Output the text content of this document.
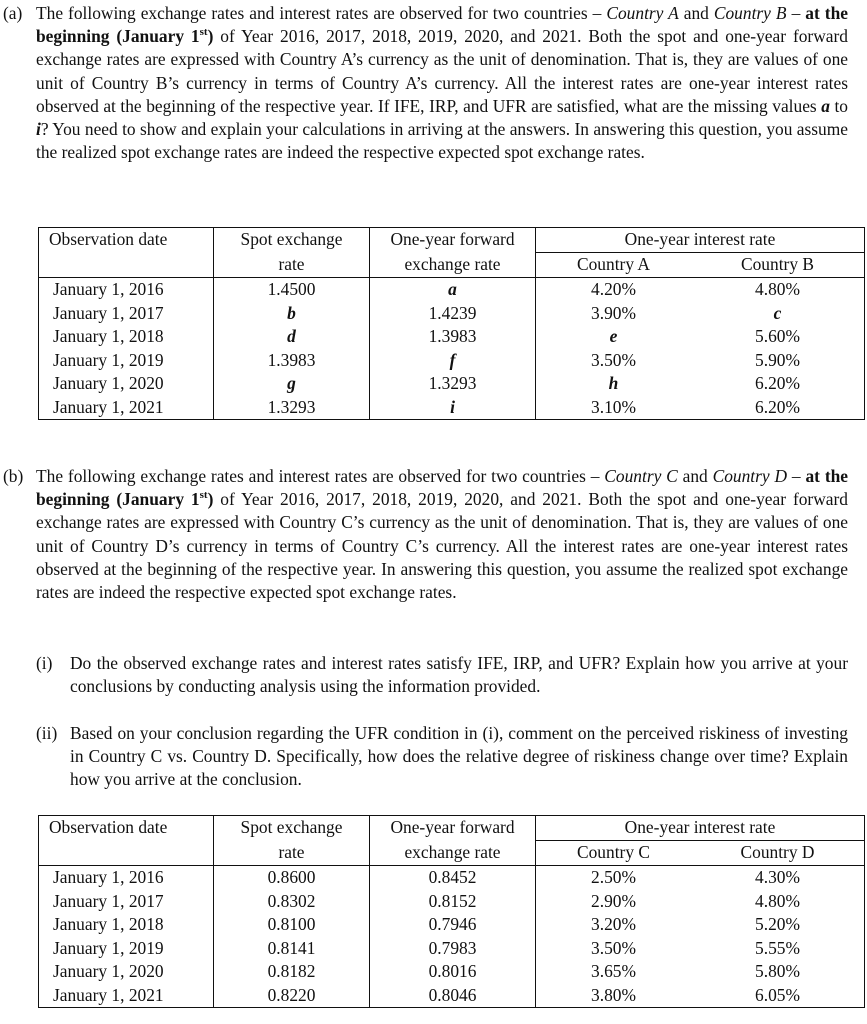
(a) The following exchange rates and interest rates are observed for two countries – Country A and Country B – at the beginning (January 1st) of Year 2016, 2017, 2018, 2019, 2020, and 2021. Both the spot and one-year forward exchange rates are expressed with Country A’s currency as the unit of denomination. That is, they are values of one unit of Country B’s currency in terms of Country A’s currency. All the interest rates are one-year interest rates observed at the beginning of the respective year. If IFE, IRP, and UFR are satisfied, what are the missing values a to i? You need to show and explain your calculations in arriving at the answers. In answering this question, you assume the realized spot exchange rates are indeed the respective expected spot exchange rates.
Observation date	Spot exchange	One-year forward	One-year interest rate	
	rate	exchange rate	Country A	Country B
January 1, 2016	1.4500	a	4.20%	4.80%
January 1, 2017	b	1.4239	3.90%	c
January 1, 2018	d	1.3983	e	5.60%
January 1, 2019	1.3983	f	3.50%	5.90%
January 1, 2020	g	1.3293	h	6.20%
January 1, 2021	1.3293	i	3.10%	6.20%
(b) The following exchange rates and interest rates are observed for two countries – Country C and Country D – at the beginning (January 1st) of Year 2016, 2017, 2018, 2019, 2020, and 2021. Both the spot and one-year forward exchange rates are expressed with Country C’s currency as the unit of denomination. That is, they are values of one unit of Country D’s currency in terms of Country C’s currency. All the interest rates are one-year interest rates observed at the beginning of the respective year. In answering this question, you assume the realized spot exchange rates are indeed the respective expected spot exchange rates.
(i) Do the observed exchange rates and interest rates satisfy IFE, IRP, and UFR? Explain how you arrive at your conclusions by conducting analysis using the information provided.
(ii) Based on your conclusion regarding the UFR condition in (i), comment on the perceived riskiness of investing in Country C vs. Country D. Specifically, how does the relative degree of riskiness change over time? Explain how you arrive at the conclusion.
Observation date	Spot exchange	One-year forward	One-year interest rate	
	rate	exchange rate	Country C	Country D
January 1, 2016	0.8600	0.8452	2.50%	4.30%
January 1, 2017	0.8302	0.8152	2.90%	4.80%
January 1, 2018	0.8100	0.7946	3.20%	5.20%
January 1, 2019	0.8141	0.7983	3.50%	5.55%
January 1, 2020	0.8182	0.8016	3.65%	5.80%
January 1, 2021	0.8220	0.8046	3.80%	6.05%
